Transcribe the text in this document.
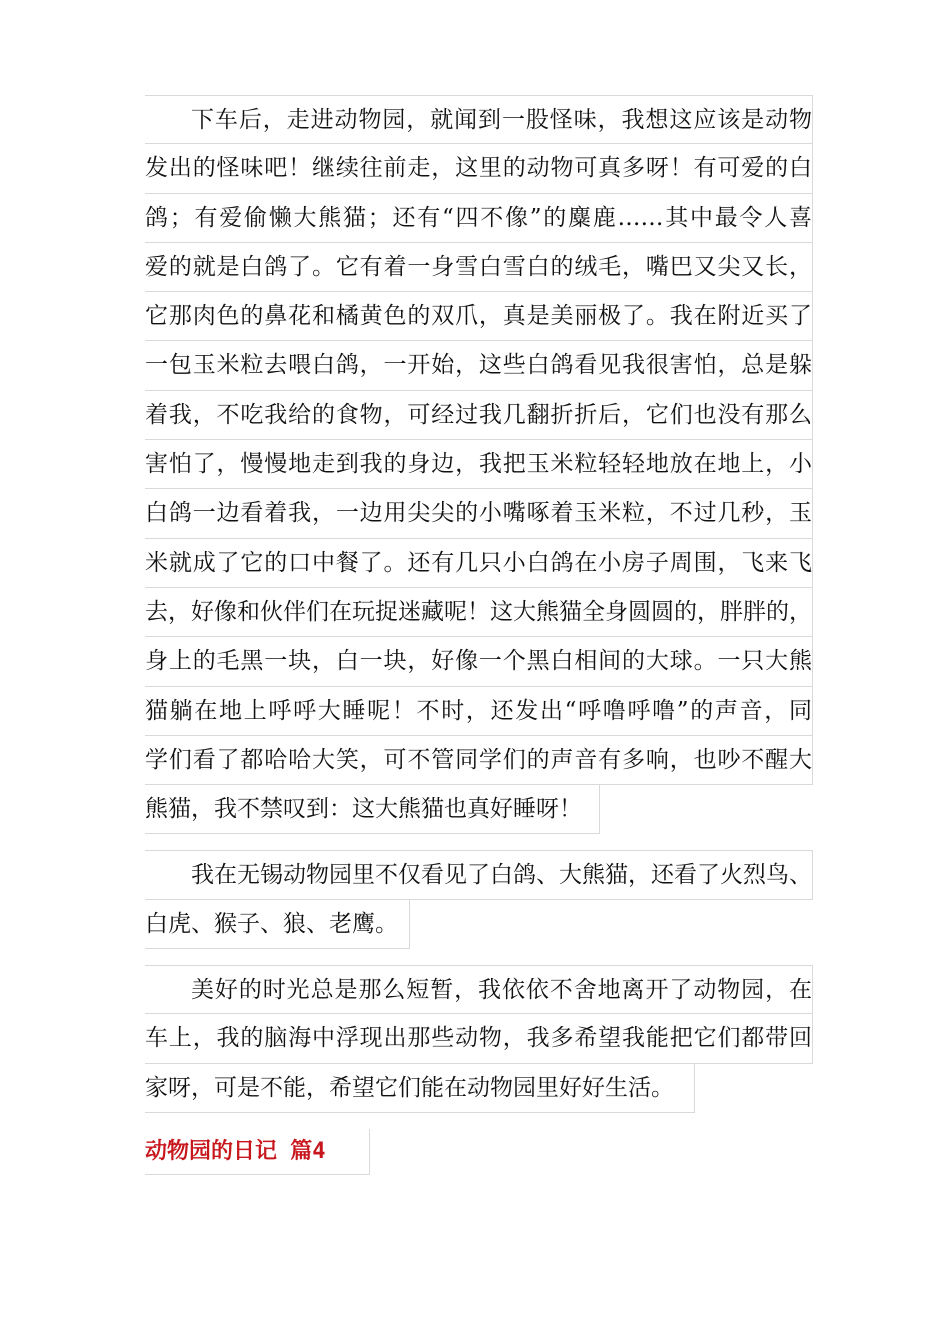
下车后，走进动物园，就闻到一股怪味，我想这应该是动物
发出的怪味吧！继续往前走，这里的动物可真多呀！有可爱的白
鸽；有爱偷懒大熊猫；还有“四不像”的麋鹿……其中最令人喜
爱的就是白鸽了。它有着一身雪白雪白的绒毛，嘴巴又尖又长，
它那肉色的鼻花和橘黄色的双爪，真是美丽极了。我在附近买了
一包玉米粒去喂白鸽，一开始，这些白鸽看见我很害怕，总是躲
着我，不吃我给的食物，可经过我几翻折折后，它们也没有那么
害怕了，慢慢地走到我的身边，我把玉米粒轻轻地放在地上，小
白鸽一边看着我，一边用尖尖的小嘴啄着玉米粒，不过几秒，玉
米就成了它的口中餐了。还有几只小白鸽在小房子周围，飞来飞
去，好像和伙伴们在玩捉迷藏呢！这大熊猫全身圆圆的，胖胖的，
身上的毛黑一块，白一块，好像一个黑白相间的大球。一只大熊
猫躺在地上呼呼大睡呢！不时，还发出“呼噜呼噜”的声音，同
学们看了都哈哈大笑，可不管同学们的声音有多响，也吵不醒大
熊猫，我不禁叹到：这大熊猫也真好睡呀！
我在无锡动物园里不仅看见了白鸽、大熊猫，还看了火烈鸟、
白虎、猴子、狼、老鹰。
美好的时光总是那么短暂，我依依不舍地离开了动物园，在
车上，我的脑海中浮现出那些动物，我多希望我能把它们都带回
家呀，可是不能，希望它们能在动物园里好好生活。
动物园的日记 篇4
